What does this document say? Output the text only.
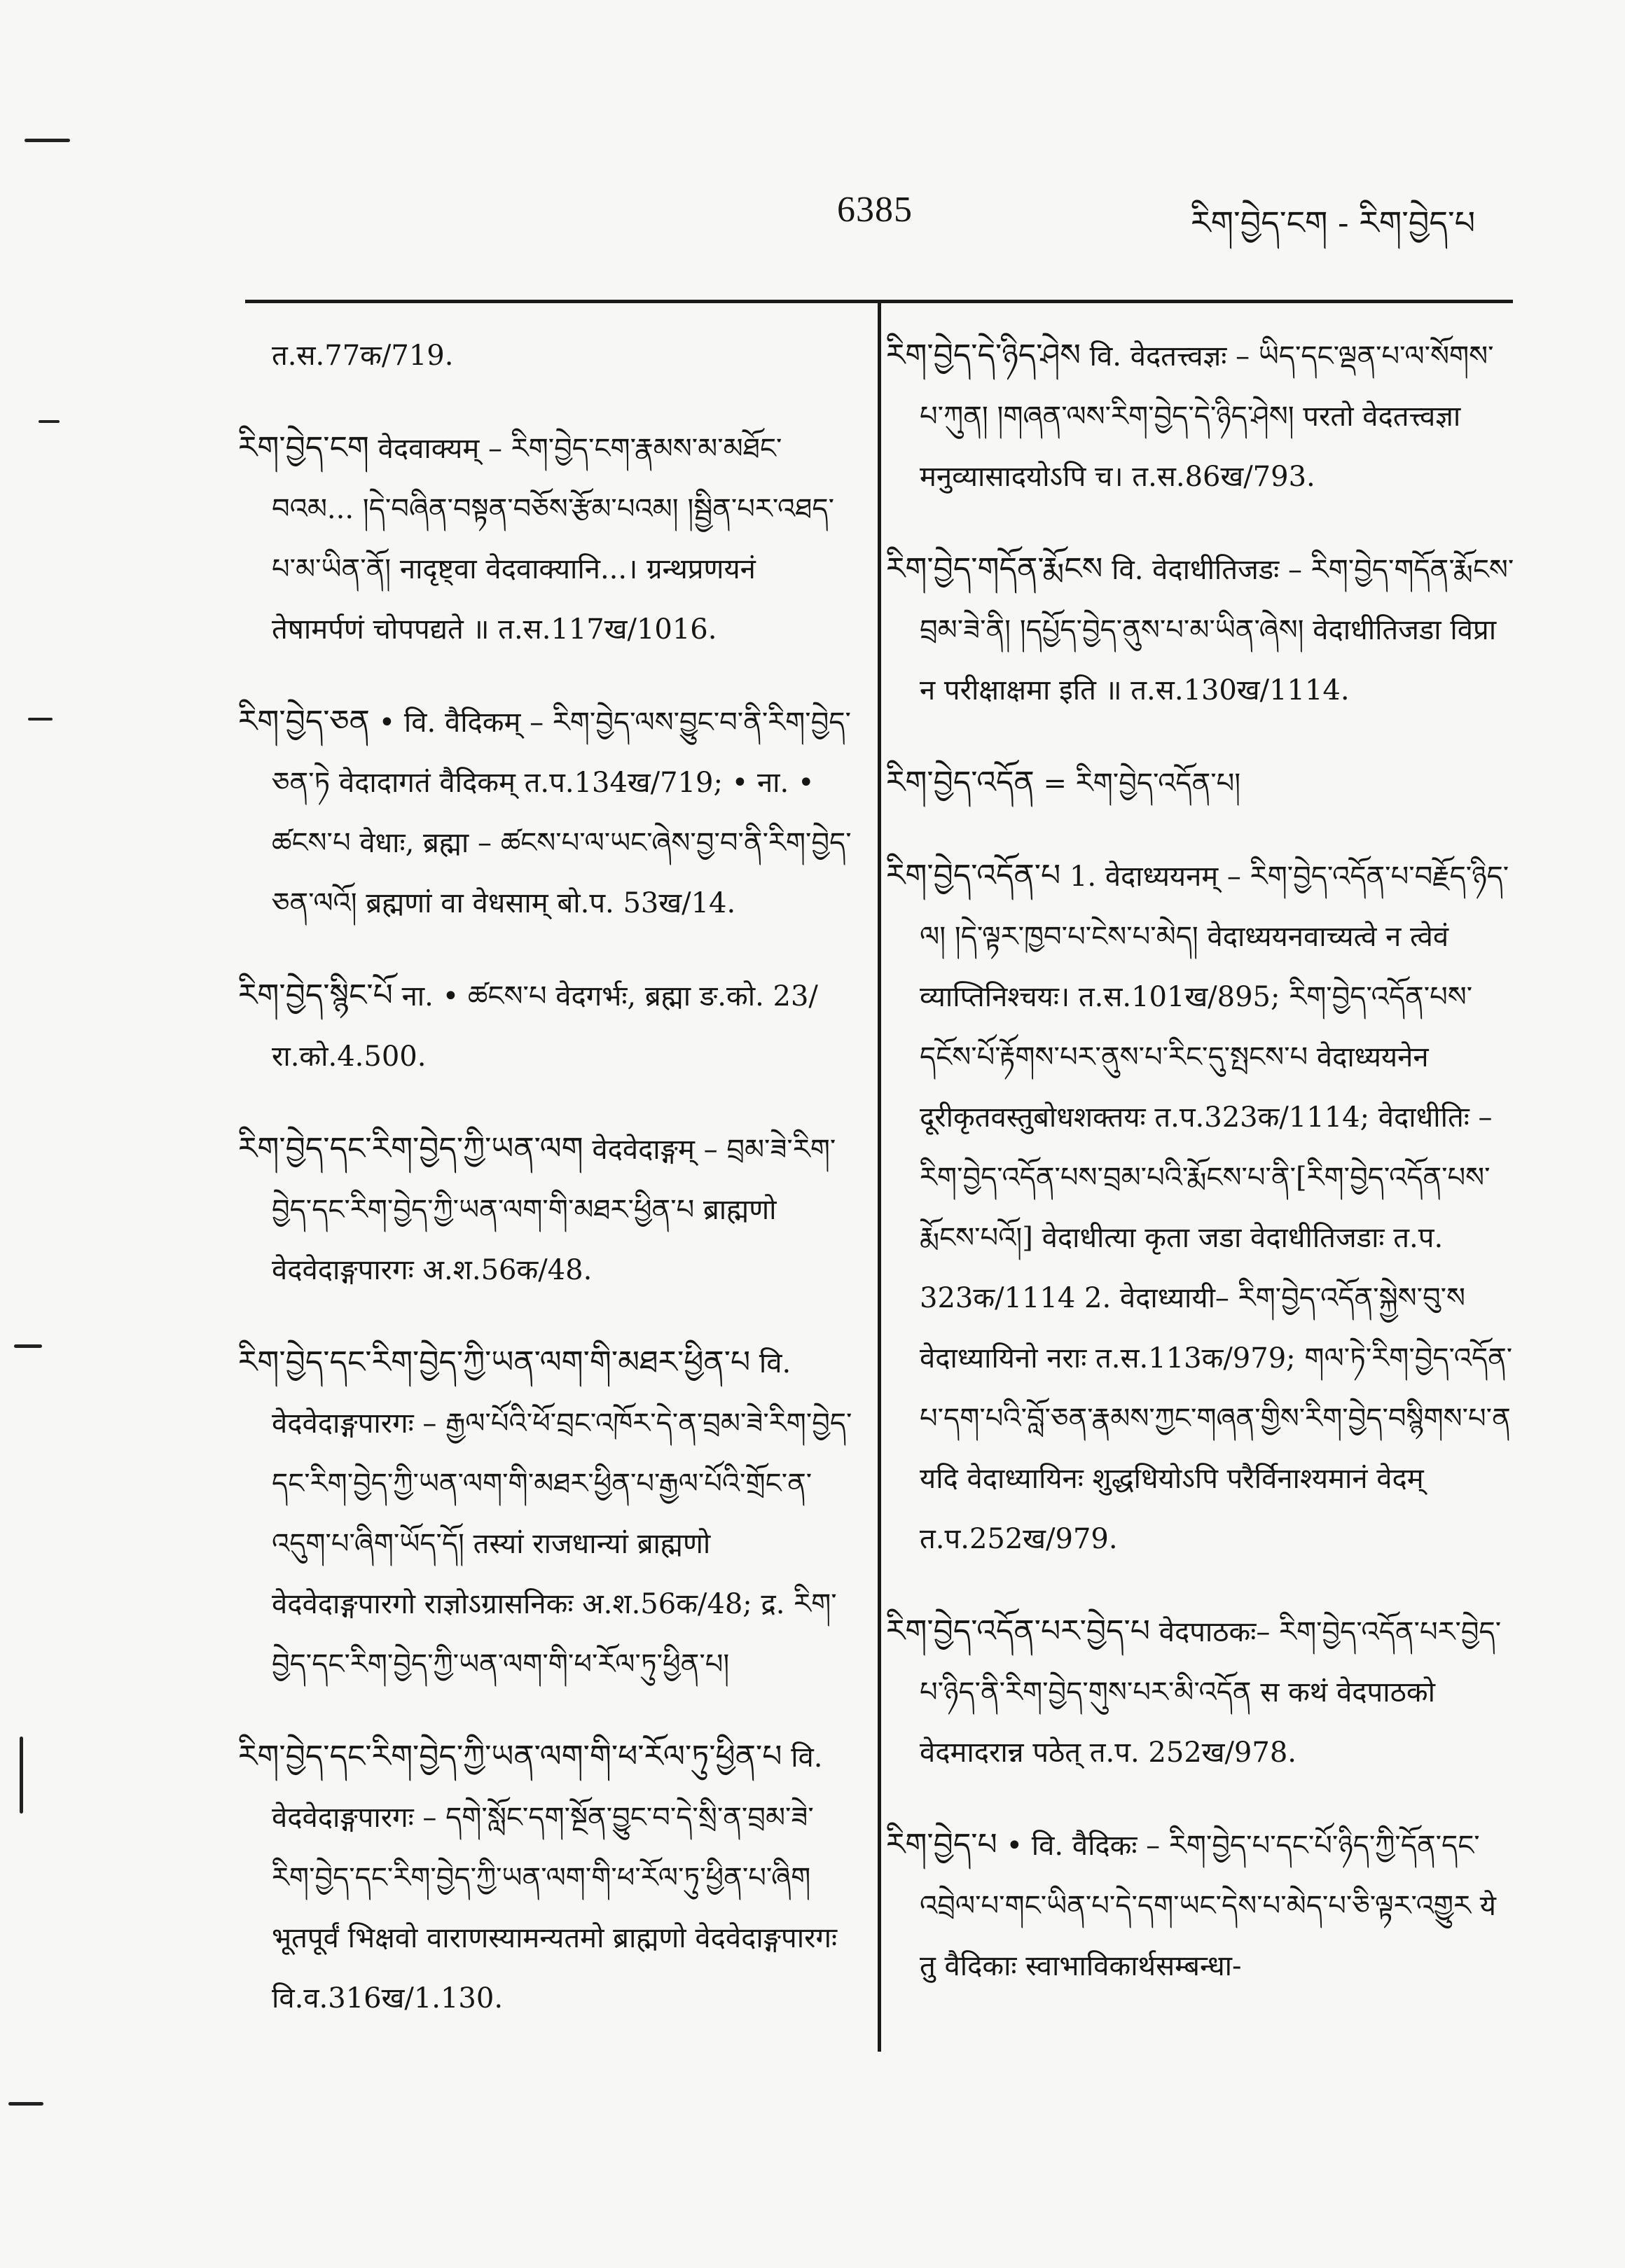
6385	རིག་བྱེད་ངག - རིག་བྱེད་པ
त.स.77क/719.
རིག་བྱེད་ངག वेदवाक्यम् – རིག་བྱེད་ངག་རྣམས་མ་མཐོང་བའམ... །དེ་བཞིན་བསྟན་བཅོས་རྩོམ་པའམ། །སྦྱིན་པར་འཐད་པ་མ་ཡིན་ནོ། नादृष्ट्वा वेदवाक्यानि...। ग्रन्थप्रणयनं तेषामर्पणं चोपपद्यते ॥ त.स.117ख/1016.
རིག་བྱེད་ཅན • वि. वैदिकम् – རིག་བྱེད་ལས་བྱུང་བ་ནི་རིག་བྱེད་ཅན་ཏེ वेदादागतं वैदिकम् त.प.134ख/719; • ना. • ཚངས་པ वेधाः, ब्रह्मा – ཚངས་པ་ལ་ཡང་ཞེས་བྱ་བ་ནི་རིག་བྱེད་ཅན་ལའོ། ब्रह्मणां वा वेधसाम् बो.प. 53ख/14.
རིག་བྱེད་སྙིང་པོ ना. • ཚངས་པ वेदगर्भः, ब्रह्मा ङ.को. 23/रा.को.4.500.
རིག་བྱེད་དང་རིག་བྱེད་ཀྱི་ཡན་ལག वेदवेदाङ्गम् – བྲམ་ཟེ་རིག་བྱེད་དང་རིག་བྱེད་ཀྱི་ཡན་ལག་གི་མཐར་ཕྱིན་པ ब्राह्मणो वेदवेदाङ्गपारगः अ.श.56क/48.
རིག་བྱེད་དང་རིག་བྱེད་ཀྱི་ཡན་ལག་གི་མཐར་ཕྱིན་པ वि. वेदवेदाङ्गपारगः – རྒྱལ་པོའི་ཕོ་བྲང་འཁོར་དེ་ན་བྲམ་ཟེ་རིག་བྱེད་དང་རིག་བྱེད་ཀྱི་ཡན་ལག་གི་མཐར་ཕྱིན་པ་རྒྱལ་པོའི་གྲོང་ན་འདུག་པ་ཞིག་ཡོད་དོ། तस्यां राजधान्यां ब्राह्मणो वेदवेदाङ्गपारगो राज्ञोऽग्रासनिकः अ.श.56क/48; द्र. རིག་བྱེད་དང་རིག་བྱེད་ཀྱི་ཡན་ལག་གི་ཕ་རོལ་ཏུ་ཕྱིན་པ།
རིག་བྱེད་དང་རིག་བྱེད་ཀྱི་ཡན་ལག་གི་ཕ་རོལ་ཏུ་ཕྱིན་པ वि. वेदवेदाङ्गपारगः – དགེ་སློང་དག་སྔོན་བྱུང་བ་དེ་སྲི་ན་བྲམ་ཟེ་རིག་བྱེད་དང་རིག་བྱེད་ཀྱི་ཡན་ལག་གི་ཕ་རོལ་ཏུ་ཕྱིན་པ་ཞིག भूतपूर्वं भिक्षवो वाराणस्यामन्यतमो ब्राह्मणो वेदवेदाङ्गपारगः वि.व.316ख/1.130.
རིག་བྱེད་དེ་ཉིད་ཤེས वि. वेदतत्त्वज्ञः – ཡིད་དང་ལྡན་པ་ལ་སོགས་པ་ཀུན། །གཞན་ལས་རིག་བྱེད་དེ་ཉིད་ཤེས། परतो वेदतत्त्वज्ञा मनुव्यासादयोऽपि च। त.स.86ख/793.
རིག་བྱེད་གདོན་རྨོངས वि. वेदाधीतिजडः – རིག་བྱེད་གདོན་རྨོངས་བྲམ་ཟེ་ནི། །དཔྱོད་བྱེད་ནུས་པ་མ་ཡིན་ཞེས། वेदाधीतिजडा विप्रा न परीक्षाक्षमा इति ॥ त.स.130ख/1114.
རིག་བྱེད་འདོན = རིག་བྱེད་འདོན་པ།
རིག་བྱེད་འདོན་པ 1. वेदाध्ययनम् – རིག་བྱེད་འདོན་པ་བརྗོད་ཉིད་ལ། །དེ་ལྟར་ཁྱབ་པ་ངེས་པ་མེད། वेदाध्ययनवाच्यत्वे न त्वेवं व्याप्तिनिश्चयः। त.स.101ख/895; རིག་བྱེད་འདོན་པས་དངོས་པོ་རྟོགས་པར་ནུས་པ་རིང་དུ་སྤངས་པ वेदाध्ययनेन दूरीकृतवस्तुबोधशक्तयः त.प.323क/1114; वेदाधीतिः – རིག་བྱེད་འདོན་པས་བྲམ་པའི་རྨོངས་པ་ནི་[རིག་བྱེད་འདོན་པས་རྨོངས་པའོ།] वेदाधीत्या कृता जडा वेदाधीतिजडाः त.प. 323क/1114 2. वेदाध्यायी– རིག་བྱེད་འདོན་སྐྱེས་བུ་ས वेदाध्यायिनो नराः त.स.113क/979; གལ་ཏེ་རིག་བྱེད་འདོན་པ་དག་པའི་བློ་ཅན་རྣམས་ཀྱང་གཞན་གྱིས་རིག་བྱེད་བསྙིགས་པ་ན यदि वेदाध्यायिनः शुद्धधियोऽपि परैर्विनाश्यमानं वेदम् त.प.252ख/979.
རིག་བྱེད་འདོན་པར་བྱེད་པ वेदपाठकः– རིག་བྱེད་འདོན་པར་བྱེད་པ་ཉིད་ནི་རིག་བྱེད་གུས་པར་མི་འདོན स कथं वेदपाठको वेदमादरान्न पठेत् त.प. 252ख/978.
རིག་བྱེད་པ • वि. वैदिकः – རིག་བྱེད་པ་དང་པོ་ཉིད་ཀྱི་དོན་དང་འབྲེལ་པ་གང་ཡིན་པ་དེ་དག་ཡང་དེས་པ་མེད་པ་ཅི་ལྟར་འགྱུར ये तु वैदिकाः स्वाभाविकार्थसम्बन्धा-
